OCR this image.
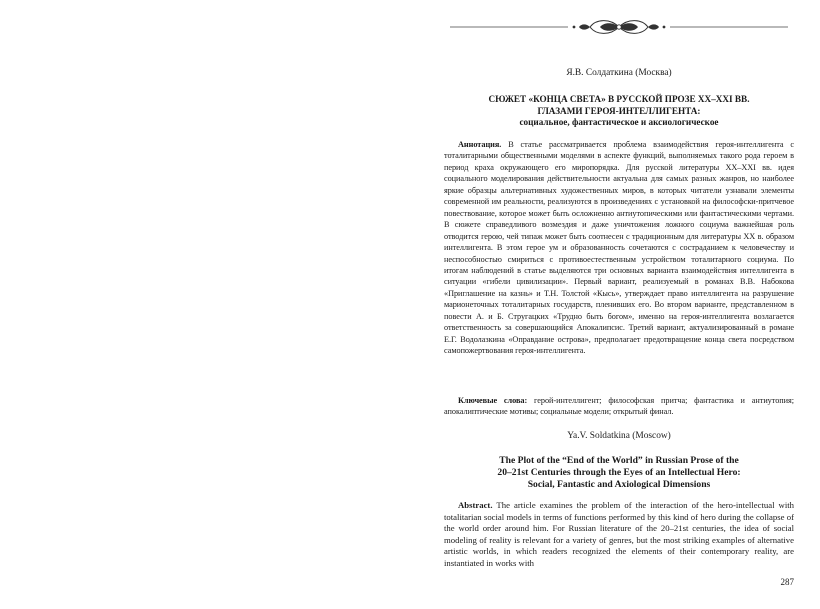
Я.В. Солдаткина (Москва)
СЮЖЕТ «КОНЦА СВЕТА» В РУССКОЙ ПРОЗЕ XX–XXI ВВ.
ГЛАЗАМИ ГЕРОЯ-ИНТЕЛЛИГЕНТА:
социальное, фантастическое и аксиологическое
Аннотация. В статье рассматривается проблема взаимодействия героя-интеллигента с тоталитарными общественными моделями в аспекте функций, выполняемых такого рода героем в период краха окружающего его миропорядка. Для русской литературы XX–XXI вв. идея социального моделирования действительности актуальна для самых разных жанров, но наиболее яркие образцы альтернативных художественных миров, в которых читатели узнавали элементы современной им реальности, реализуются в произведениях с установкой на философски-притчевое повествование, которое может быть осложненно антиутопическими или фантастическими чертами. В сюжете справедливого возмездия и даже уничтожения ложного социума важнейшая роль отводится герою, чей типаж может быть соотнесен с традиционным для литературы XX в. образом интеллигента. В этом герое ум и образованность сочетаются с состраданием к человечеству и неспособностью смириться с противоестественным устройством тоталитарного социума. По итогам наблюдений в статье выделяются три основных варианта взаимодействия интеллигента в ситуации «гибели цивилизации». Первый вариант, реализуемый в романах В.В. Набокова «Приглашение на казнь» и Т.Н. Толстой «Кысь», утверждает право интеллигента на разрушение марионеточных тоталитарных государств, пленивших его. Во втором варианте, представленном в повести А. и Б. Стругацких «Трудно быть богом», именно на героя-интеллигента возлагается ответственность за совершающийся Апокалипсис. Третий вариант, актуализированный в романе Е.Г. Водолазкина «Оправдание острова», предполагает предотвращение конца света посредством самопожертвования героя-интеллигента.
Ключевые слова: герой-интеллигент; философская притча; фантастика и антиутопия; апокалиптические мотивы; социальные модели; открытый финал.
Ya.V. Soldatkina (Moscow)
The Plot of the “End of the World” in Russian Prose of the
20–21st Centuries through the Eyes of an Intellectual Hero:
Social, Fantastic and Axiological Dimensions
Abstract. The article examines the problem of the interaction of the hero-intellectual with totalitarian social models in terms of functions performed by this kind of hero during the collapse of the world order around him. For Russian literature of the 20–21st centuries, the idea of social modeling of reality is relevant for a variety of genres, but the most striking examples of alternative artistic worlds, in which readers recognized the elements of their contemporary reality, are instantiated in works with
287
